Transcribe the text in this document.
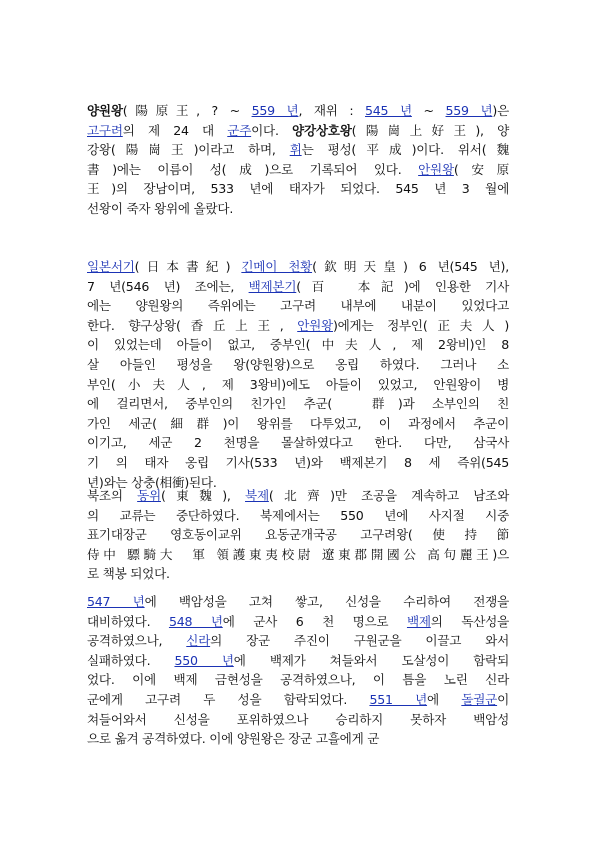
양원왕(陽原王, ? ~ 559 년, 재위 : 545 년 ~ 559 년)은
고구려의 제 24 대 군주이다. 양강상호왕(陽崗上好王), 양
강왕(陽崗王)이라고 하며, 휘는 평성(平成)이다. 위서(魏
書)에는 이름이 성(成)으로 기록되어 있다. 안원왕(安原
王)의 장남이며, 533 년에 태자가 되었다. 545 년 3 월에
선왕이 죽자 왕위에 올랐다.

일본서기(日本書紀) 긴메이 천황(欽明天皇) 6 년(545 년),
7 년(546 년) 조에는, 백제본기(百　本記)에 인용한 기사
에는 양원왕의 즉위에는 고구려 내부에 내분이 있었다고
한다. 향구상왕(香丘上王, 안원왕)에게는 정부인(正夫人)
이 있었는데 아들이 없고, 중부인(中夫人, 제 2왕비)인 8
살 아들인 평성을 왕(양원왕)으로 옹립 하였다. 그러나 소
부인(小夫人, 제 3왕비)에도 아들이 있었고, 안원왕이 병
에 걸리면서, 중부인의 친가인 추군(　群)과 소부인의 친
가인 세군(細群)이 왕위를 다투었고, 이 과정에서 추군이
이기고, 세군 2 천명을 몰살하였다고 한다. 다만, 삼국사
기 의 태자 옹립 기사(533 년)와 백제본기 8 세 즉위(545
년)와는 상충(相衝)된다.

북조의 동위(東魏), 북제(北齊)만 조공을 계속하고 남조와
의 교류는 중단하였다. 북제에서는 550 년에 사지절 시중
표기대장군 영호동이교위 요동군개국공 고구려왕(使持節
侍中 驃騎大　軍 領護東夷校尉 遼東郡開國公 高句麗王)으
로 책봉 되었다.

547 년에 백암성을 고쳐 쌓고, 신성을 수리하여 전쟁을
대비하였다. 548 년에 군사 6 천 명으로 백제의 독산성을
공격하였으나, 신라의 장군 주진이 구원군을 이끌고 와서
실패하였다. 550 년에 백제가 쳐들와서 도살성이 함락되
었다. 이에 백제 금현성을 공격하였으나, 이 틈을 노린 신라
군에게 고구려 두 성을 함락되었다. 551 년에 돌궐군이
쳐들어와서 신성을 포위하였으나 승리하지 못하자 백암성
으로 옮겨 공격하였다. 이에 양원왕은 장군 고흘에게 군
